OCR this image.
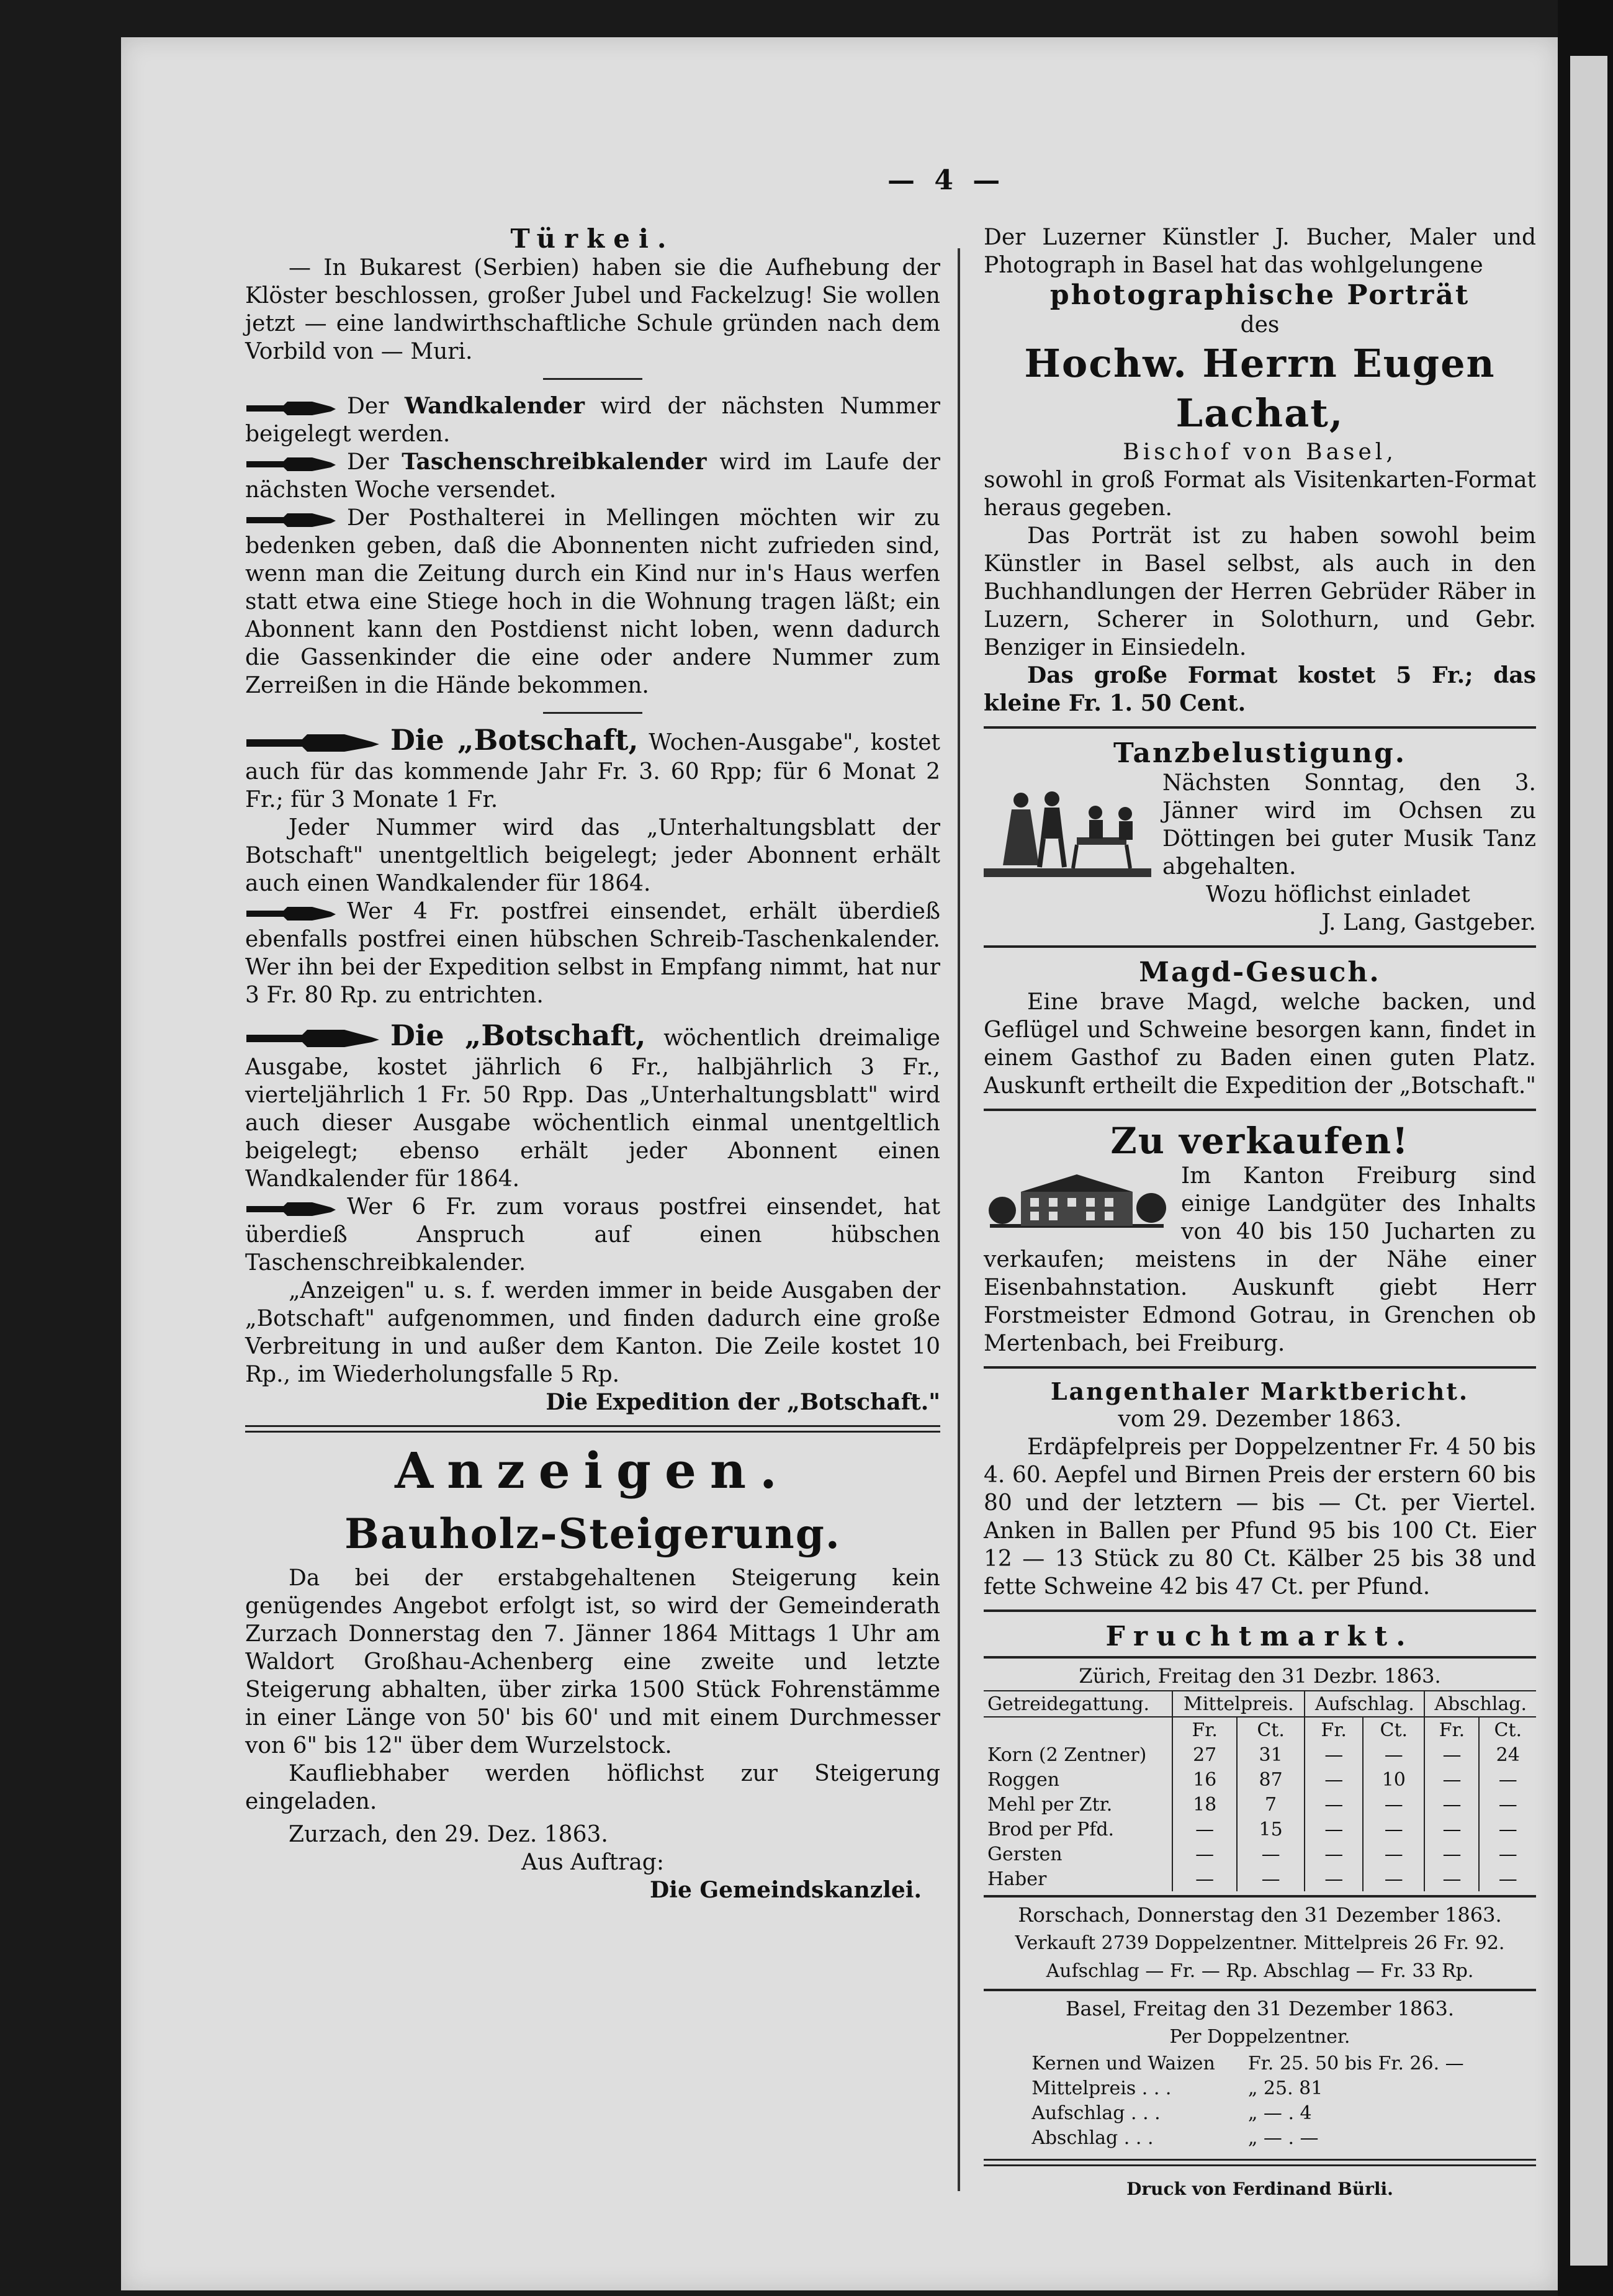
— 4 —

Türkei.

— In Bukarest (Serbien) haben sie die Aufhebung der Klöster beschlossen, großer Jubel und Fackelzug! Sie wollen jetzt — eine landwirthschaftliche Schule gründen nach dem Vorbild von — Muri.

Der Wandkalender wird der nächsten Nummer beigelegt werden.

Der Taschenschreibkalender wird im Laufe der nächsten Woche versendet.

Der Posthalterei in Mellingen möchten wir zu bedenken geben, daß die Abonnenten nicht zufrieden sind, wenn man die Zeitung durch ein Kind nur in's Haus werfen statt etwa eine Stiege hoch in die Wohnung tragen läßt; ein Abonnent kann den Postdienst nicht loben, wenn dadurch die Gassenkinder die eine oder andere Nummer zum Zerreißen in die Hände bekommen.

Die „Botschaft, Wochen-Ausgabe", kostet auch für das kommende Jahr Fr. 3. 60 Rpp; für 6 Monat 2 Fr.; für 3 Monate 1 Fr.

Jeder Nummer wird das „Unterhaltungsblatt der Botschaft" unentgeltlich beigelegt; jeder Abonnent erhält auch einen Wandkalender für 1864.

Wer 4 Fr. postfrei einsendet, erhält überdieß ebenfalls postfrei einen hübschen Schreib-Taschenkalender. Wer ihn bei der Expedition selbst in Empfang nimmt, hat nur 3 Fr. 80 Rp. zu entrichten.

Die „Botschaft, wöchentlich dreimalige Ausgabe, kostet jährlich 6 Fr., halbjährlich 3 Fr., vierteljährlich 1 Fr. 50 Rpp. Das „Unterhaltungsblatt" wird auch dieser Ausgabe wöchentlich einmal unentgeltlich beigelegt; ebenso erhält jeder Abonnent einen Wandkalender für 1864.

Wer 6 Fr. zum voraus postfrei einsendet, hat überdieß Anspruch auf einen hübschen Taschenschreibkalender.

„Anzeigen" u. s. f. werden immer in beide Ausgaben der „Botschaft" aufgenommen, und finden dadurch eine große Verbreitung in und außer dem Kanton. Die Zeile kostet 10 Rp., im Wiederholungsfalle 5 Rp.

Die Expedition der „Botschaft."

Anzeigen.

Bauholz-Steigerung.

Da bei der erstabgehaltenen Steigerung kein genügendes Angebot erfolgt ist, so wird der Gemeinderath Zurzach Donnerstag den 7. Jänner 1864 Mittags 1 Uhr am Waldort Großhau-Achenberg eine zweite und letzte Steigerung abhalten, über zirka 1500 Stück Fohrenstämme in einer Länge von 50' bis 60' und mit einem Durchmesser von 6" bis 12" über dem Wurzelstock.

Kaufliebhaber werden höflichst zur Steigerung eingeladen.

Zurzach, den 29. Dez. 1863.

Aus Auftrag:

Die Gemeindskanzlei.

Der Luzerner Künstler J. Bucher, Maler und Photograph in Basel hat das wohlgelungene

photographische Porträt

des

Hochw. Herrn Eugen Lachat,

Bischof von Basel,

sowohl in groß Format als Visitenkarten-Format heraus gegeben.

Das Porträt ist zu haben sowohl beim Künstler in Basel selbst, als auch in den Buchhandlungen der Herren Gebrüder Räber in Luzern, Scherer in Solothurn, und Gebr. Benziger in Einsiedeln.

Das große Format kostet 5 Fr.; das kleine Fr. 1. 50 Cent.

Tanzbelustigung.

Nächsten Sonntag, den 3. Jänner wird im Ochsen zu Döttingen bei guter Musik Tanz abgehalten.

Wozu höflichst einladet

J. Lang, Gastgeber.

Magd-Gesuch.

Eine brave Magd, welche backen, und Geflügel und Schweine besorgen kann, findet in einem Gasthof zu Baden einen guten Platz. Auskunft ertheilt die Expedition der „Botschaft."

Zu verkaufen!

Im Kanton Freiburg sind einige Landgüter des Inhalts von 40 bis 150 Jucharten zu verkaufen; meistens in der Nähe einer Eisenbahnstation. Auskunft giebt Herr Forstmeister Edmond Gotrau, in Grenchen ob Mertenbach, bei Freiburg.

Langenthaler Marktbericht.

vom 29. Dezember 1863.

Erdäpfelpreis per Doppelzentner Fr. 4 50 bis 4. 60. Aepfel und Birnen Preis der erstern 60 bis 80 und der letztern — bis — Ct. per Viertel. Anken in Ballen per Pfund 95 bis 100 Ct. Eier 12 — 13 Stück zu 80 Ct. Kälber 25 bis 38 und fette Schweine 42 bis 47 Ct. per Pfund.

Fruchtmarkt.

Zürich, Freitag den 31 Dezbr. 1863.

Getreidegattung.	Mittelpreis.		Aufschlag.		Abschlag.	
	Fr.	Ct.	Fr.	Ct.	Fr.	Ct.
Korn (2 Zentner)	27	31	—	—	—	24
Roggen	16	87	—	10	—	—
Mehl per Ztr.	18	7	—	—	—	—
Brod per Pfd.	—	15	—	—	—	—
Gersten	—	—	—	—	—	—
Haber	—	—	—	—	—	—

Rorschach, Donnerstag den 31 Dezember 1863.

Verkauft 2739 Doppelzentner. Mittelpreis 26 Fr. 92.

Aufschlag — Fr. — Rp. Abschlag — Fr. 33 Rp.

Basel, Freitag den 31 Dezember 1863.

Per Doppelzentner.

Kernen und Waizen	Fr. 25. 50 bis Fr. 26. —
Mittelpreis . . .	„ 25. 81
Aufschlag . . .	„ — . 4
Abschlag . . .	„ — . —

Druck von Ferdinand Bürli.
